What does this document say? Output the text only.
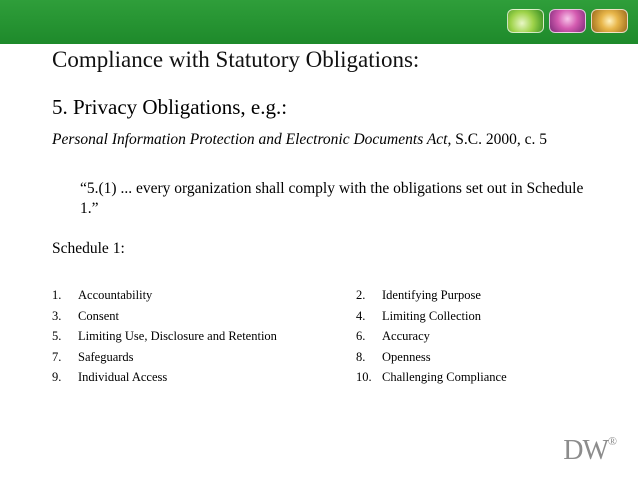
Compliance with Statutory Obligations:
5. Privacy Obligations, e.g.:
Personal Information Protection and Electronic Documents Act, S.C. 2000, c. 5
“5.(1) ... every organization shall comply with the obligations set out in Schedule 1.”
Schedule 1:
1.	Accountability
3.	Consent
5.	Limiting Use, Disclosure and Retention
7.	Safeguards
9.	Individual Access
2.	Identifying Purpose
4.	Limiting Collection
6.	Accuracy
8.	Openness
10. Challenging Compliance
DW®
